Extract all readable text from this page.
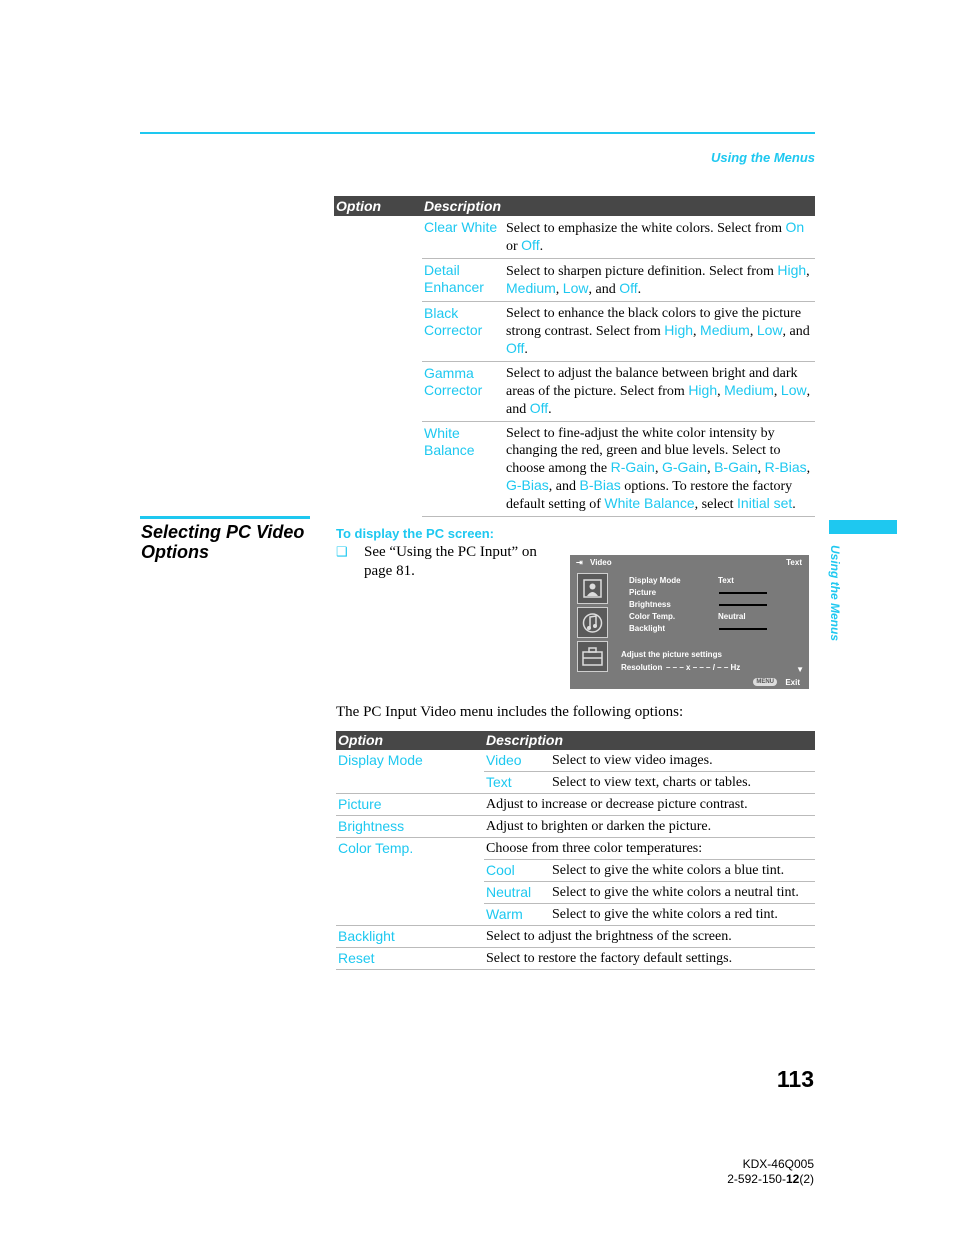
Using the Menus
Option	Description	
	Clear White	Select to emphasize the white colors. Select from On or Off.
	Detail Enhancer	Select to sharpen picture definition. Select from High, Medium, Low, and Off.
	Black Corrector	Select to enhance the black colors to give the picture strong contrast. Select from High, Medium, Low, and Off.
	Gamma Corrector	Select to adjust the balance between bright and dark areas of the picture. Select from High, Medium, Low, and Off.
	White Balance	Select to fine-adjust the white color intensity by changing the red, green and blue levels. Select to choose among the R-Gain, G-Gain, B-Gain, R-Bias, G-Bias, and B-Bias options. To restore the factory default setting of White Balance, select Initial set.
Selecting PC Video Options
To display the PC screen:
❑ See “Using the PC Input” on page 81.	Using the Menus
⇥ Video	Text
Display Mode
Picture
Brightness
Color Temp.
Backlight
Text
Neutral
Adjust the picture settings
Resolution – – – x – – – / – – Hz	▼
MENU	Exit
The PC Input Video menu includes the following options:
Option	Description	
Display Mode	Video	Select to view video images.
	Text	Select to view text, charts or tables.
Picture	Adjust to increase or decrease picture contrast.	
Brightness	Adjust to brighten or darken the picture.	
Color Temp.	Choose from three color temperatures:	
	Cool	Select to give the white colors a blue tint.
	Neutral	Select to give the white colors a neutral tint.
	Warm	Select to give the white colors a red tint.
Backlight	Select to adjust the brightness of the screen.	
Reset	Select to restore the factory default settings.	
113
KDX-46Q005
2-592-150-12(2)
